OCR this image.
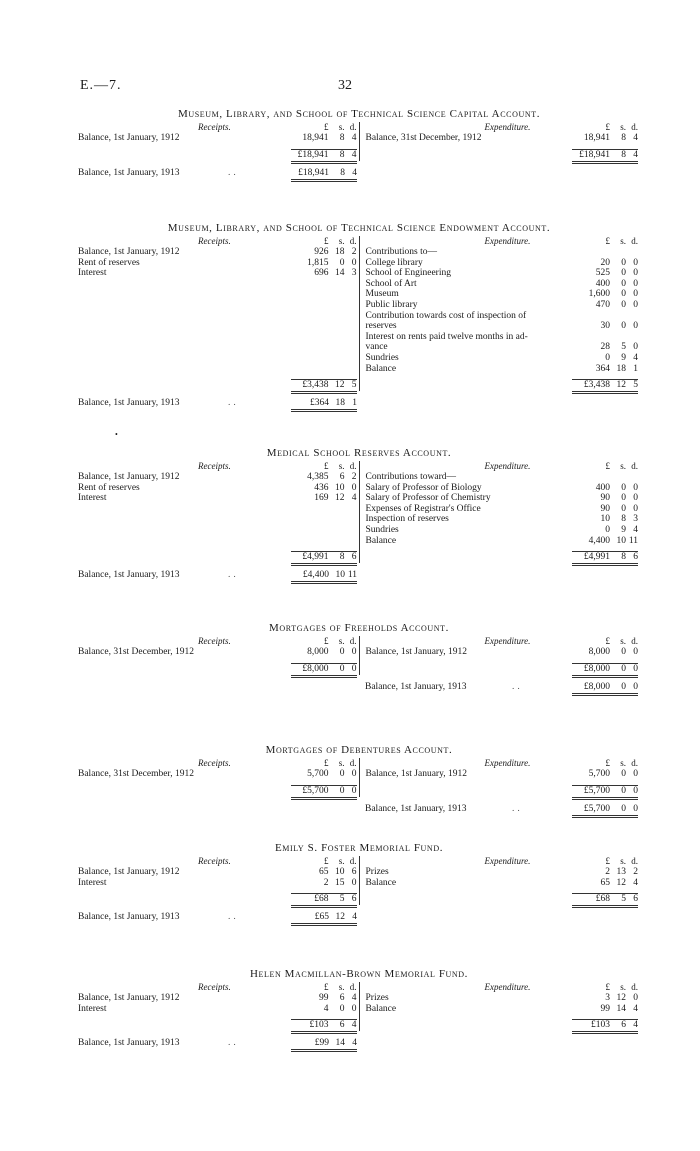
E.—7.	32
•
Museum, Library, and School of Technical Science Capital Account.
Receipts.	£	s. d.
Balance, 1st January, 1912	18,941	8 4
£18,941	8 4
Expenditure.	£	s. d.
Balance, 31st December, 1912	18,941	8 4
£18,941	8 4
Balance, 1st January, 1913	..	£18,941	8 4
Museum, Library, and School of Technical Science Endowment Account.
Receipts.	£	s. d.
Balance, 1st January, 1912	926 18 2
Rent of reserves	1,815	0 0
Interest	696 14 3
£3,438 12 5
Expenditure.	£	s. d.
Contributions to—
College library	20	0 0
School of Engineering	525	0 0
School of Art	400	0 0
Museum	1,600	0 0
Public library	470	0 0
Contribution towards cost of inspection of
reserves	30	0 0
Interest on rents paid twelve months in ad-
vance	28	5 0
Sundries	0	9 4
Balance	364 18 1
£3,438 12 5
Balance, 1st January, 1913	..	£364 18 1
Medical School Reserves Account.
Receipts.	£	s. d.
Balance, 1st January, 1912	4,385	6 2
Rent of reserves	436 10 0
Interest	169 12 4
£4,991	8 6
Expenditure.	£	s. d.
Contributions toward—
Salary of Professor of Biology	400	0 0
Salary of Professor of Chemistry	90	0 0
Expenses of Registrar's Office	90	0 0
Inspection of reserves	10	8 3
Sundries	0	9 4
Balance	4,400 10 11
£4,991	8 6
Balance, 1st January, 1913	..	£4,400 10 11
Mortgages of Freeholds Account.
Receipts.	£	s. d.
Balance, 31st December, 1912	8,000	0 0
£8,000	0 0
Expenditure.	£	s. d.
Balance, 1st January, 1912	8,000	0 0
£8,000	0 0
Balance, 1st January, 1913	..	£8,000	0 0
Mortgages of Debentures Account.
Receipts.	£	s. d.
Balance, 31st December, 1912	5,700	0 0
£5,700	0 0
Expenditure.	£	s. d.
Balance, 1st January, 1912	5,700	0 0
£5,700	0 0
Balance, 1st January, 1913	..	£5,700	0 0
Emily S. Foster Memorial Fund.
Receipts.	£	s. d.
Balance, 1st January, 1912	65 10 6
Interest	2 15 0
£68	5 6
Expenditure.	£	s. d.
Prizes	2 13 2
Balance	65 12 4
£68	5 6
Balance, 1st January, 1913	..	£65 12 4
Helen Macmillan-Brown Memorial Fund.
Receipts.	£	s. d.
Balance, 1st January, 1912	99	6 4
Interest	4	0 0
£103	6 4
Expenditure.	£	s. d.
Prizes	3 12 0
Balance	99 14 4
£103	6 4
Balance, 1st January, 1913	..	£99 14 4
